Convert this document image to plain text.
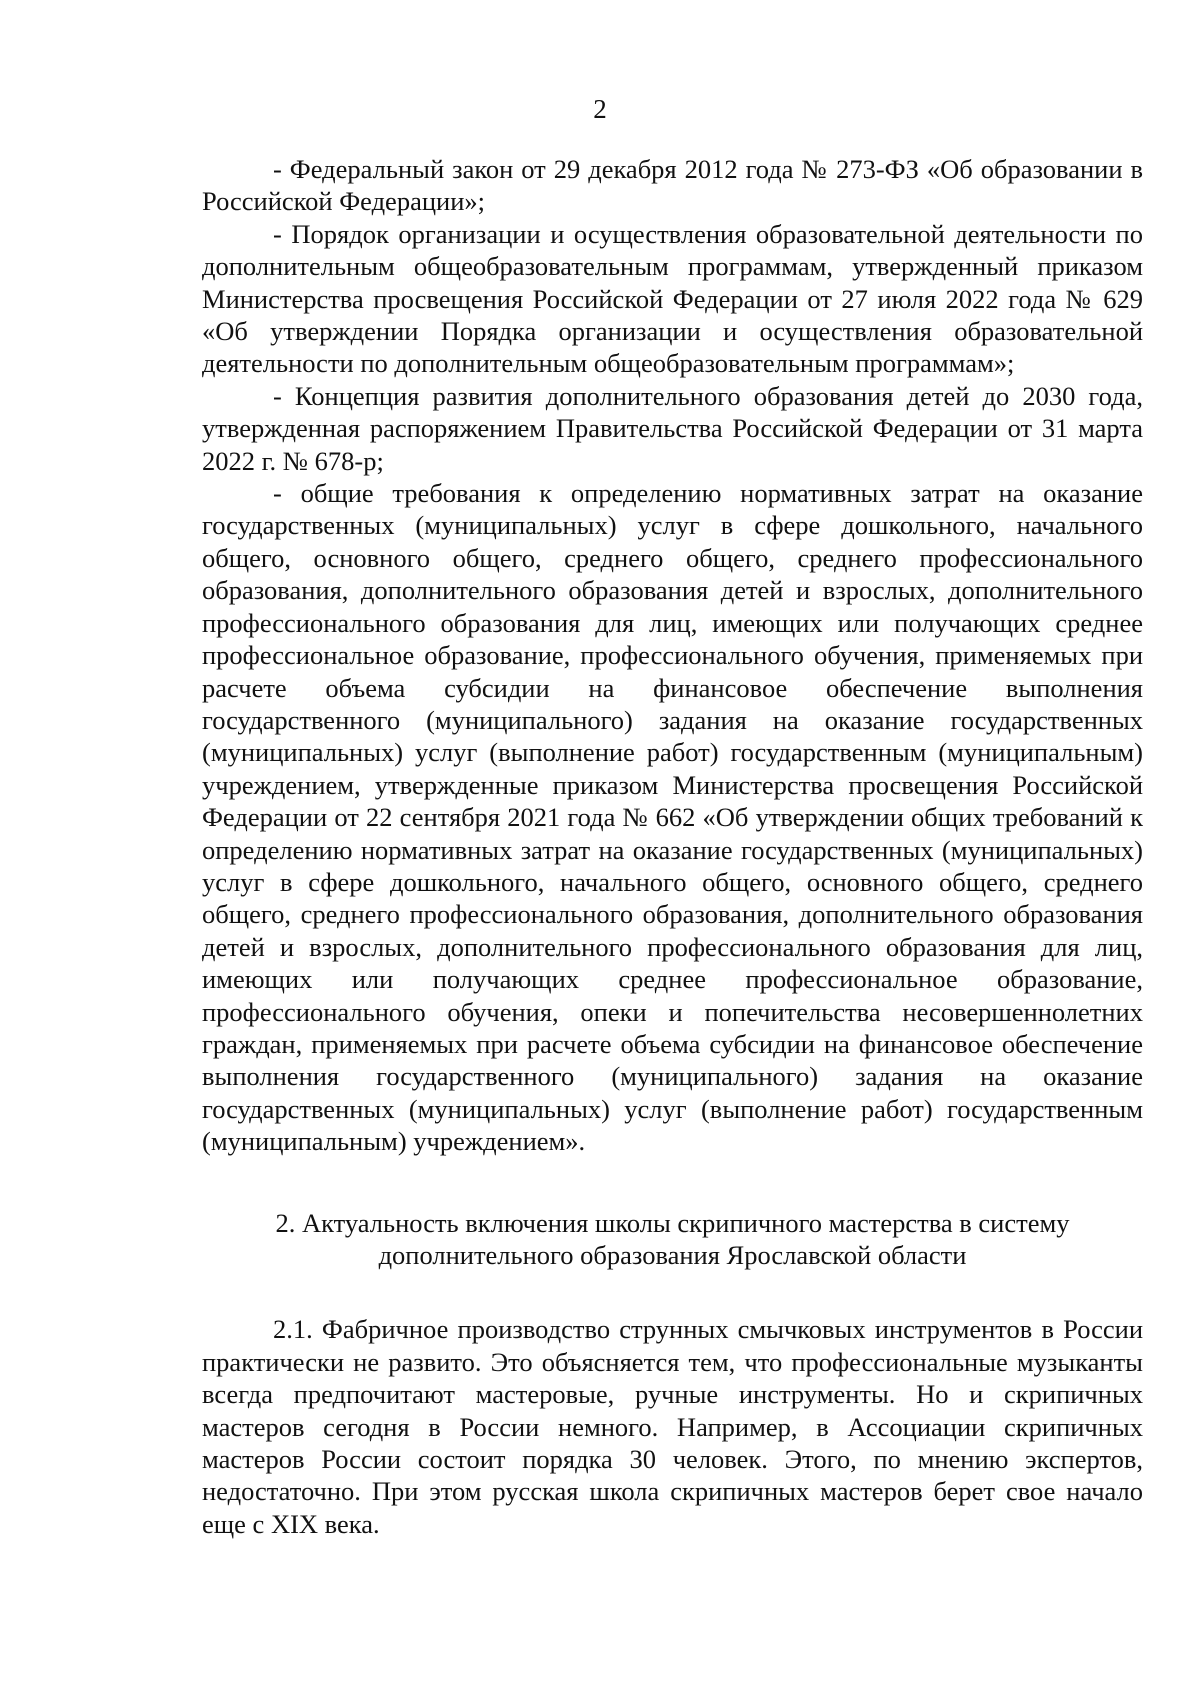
2

- Федеральный закон от 29 декабря 2012 года № 273-ФЗ «Об образовании в Российской Федерации»;

- Порядок организации и осуществления образовательной деятельности по дополнительным общеобразовательным программам, утвержденный приказом Министерства просвещения Российской Федерации от 27 июля 2022 года № 629 «Об утверждении Порядка организации и осуществления образовательной деятельности по дополнительным общеобразовательным программам»;

- Концепция развития дополнительного образования детей до 2030 года, утвержденная распоряжением Правительства Российской Федерации от 31 марта 2022 г. № 678-р;

- общие требования к определению нормативных затрат на оказание государственных (муниципальных) услуг в сфере дошкольного, начального общего, основного общего, среднего общего, среднего профессионального образования, дополнительного образования детей и взрослых, дополнительного профессионального образования для лиц, имеющих или получающих среднее профессиональное образование, профессионального обучения, применяемых при расчете объема субсидии на финансовое обеспечение выполнения государственного (муниципального) задания на оказание государственных (муниципальных) услуг (выполнение работ) государственным (муниципальным) учреждением, утвержденные приказом Министерства просвещения Российской Федерации от 22 сентября 2021 года № 662 «Об утверждении общих требований к определению нормативных затрат на оказание государственных (муниципальных) услуг в сфере дошкольного, начального общего, основного общего, среднего общего, среднего профессионального образования, дополнительного образования детей и взрослых, дополнительного профессионального образования для лиц, имеющих или получающих среднее профессиональное образование, профессионального обучения, опеки и попечительства несовершеннолетних граждан, применяемых при расчете объема субсидии на финансовое обеспечение выполнения государственного (муниципального) задания на оказание государственных (муниципальных) услуг (выполнение работ) государственным (муниципальным) учреждением».

2. Актуальность включения школы скрипичного мастерства в систему
дополнительного образования Ярославской области

2.1. Фабричное производство струнных смычковых инструментов в России практически не развито. Это объясняется тем, что профессиональные музыканты всегда предпочитают мастеровые, ручные инструменты. Но и скрипичных мастеров сегодня в России немного. Например, в Ассоциации скрипичных мастеров России состоит порядка 30 человек. Этого, по мнению экспертов, недостаточно. При этом русская школа скрипичных мастеров берет свое начало еще с XIX века.
